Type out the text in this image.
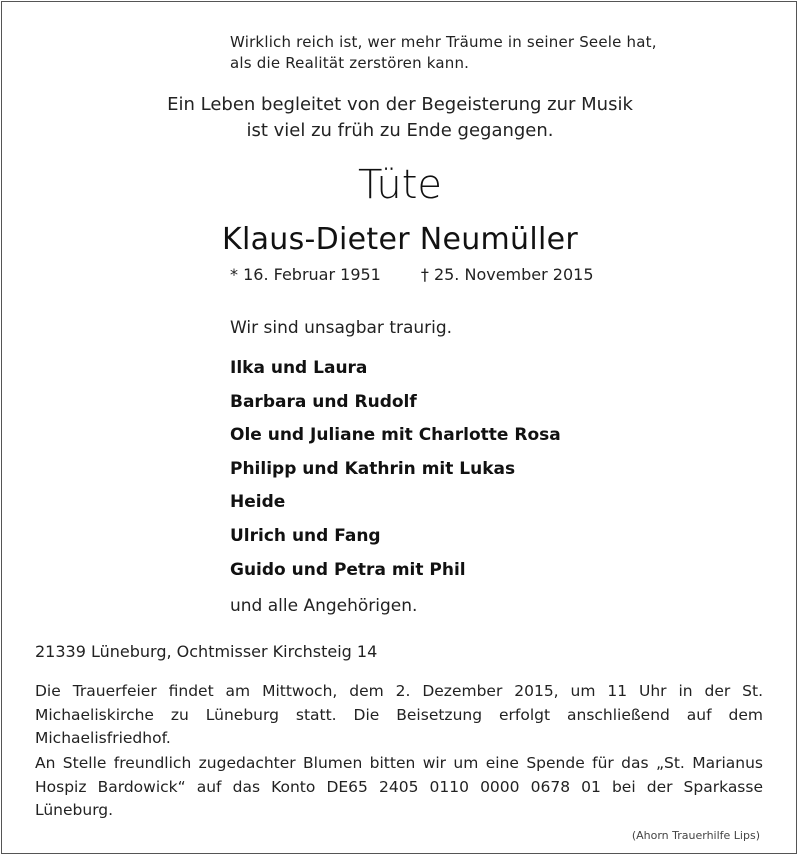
Wirklich reich ist, wer mehr Träume in seiner Seele hat,
als die Realität zerstören kann.
Ein Leben begleitet von der Begeisterung zur Musik
ist viel zu früh zu Ende gegangen.
Tüte
Klaus-Dieter Neumüller
* 16. Februar 1951	† 25. November 2015
Wir sind unsagbar traurig.
Ilka und Laura
Barbara und Rudolf
Ole und Juliane mit Charlotte Rosa
Philipp und Kathrin mit Lukas
Heide
Ulrich und Fang
Guido und Petra mit Phil
und alle Angehörigen.
21339 Lüneburg, Ochtmisser Kirchsteig 14

Die Trauerfeier findet am Mittwoch, dem 2. Dezember 2015, um 11 Uhr in der St. Michaeliskirche zu Lüneburg statt. Die Beisetzung erfolgt anschließend auf dem Michaelisfriedhof.

An Stelle freundlich zugedachter Blumen bitten wir um eine Spende für das „St. Marianus Hospiz Bardowick“ auf das Konto DE65 2405 0110 0000 0678 01 bei der Sparkasse Lüneburg.

(Ahorn Trauerhilfe Lips)
